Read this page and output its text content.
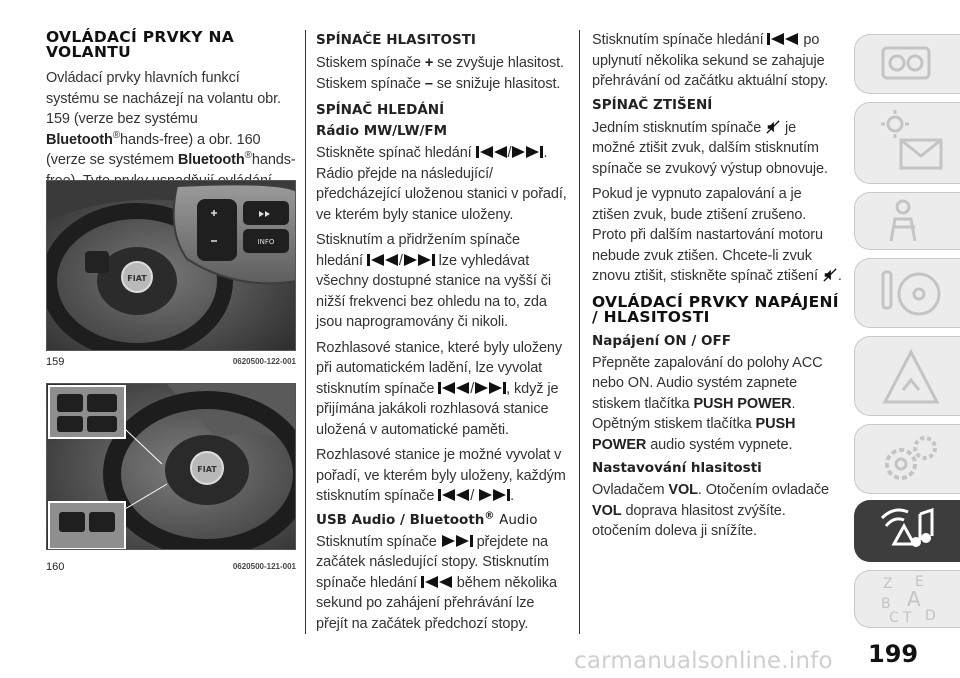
OVLÁDACÍ PRVKY NA VOLANTU

Ovládací prvky hlavních funkcí systému se nacházejí na volantu obr. 159 (verze bez systému Bluetooth®hands-free) a obr. 160 (verze se systémem Bluetooth®hands-

FIAT
INFO
159	0620500-122-001
FIAT
160	0620500-121-001
SPÍNAČE HLASITOSTI

Stiskem spínače + se zvyšuje hlasitost.
Stiskem spínače – se snižuje hlasitost.

SPÍNAČ HLEDÁNÍ
Rádio MW/LW/FM

Stiskněte spínač hledání
/ . Rádio přejde na následující/ předcházející uloženou stanici v pořadí, ve kterém byly stanice uloženy.

Stisknutím a přidržením spínače hledání
/
lze vyhledávat všechny dostupné stanice na vyšší či nižší frekvenci bez ohledu na to, zda jsou naprogramovány či nikoli.

Rozhlasové stanice, které byly uloženy při automatickém ladění, lze vyvolat stisknutím spínače
/ , když je přijímána jakákoli rozhlasová stanice uložená v automatické paměti.

Rozhlasové stanice je možné vyvolat v pořadí, ve kterém byly uloženy, každým stisknutím spínače
/ .

USB Audio / Bluetooth® Audio

Stisknutím spínače
přejdete na začátek následující stopy. Stisknutím spínače hledání
během několika sekund po zahájení přehrávání lze přejít na začátek předchozí stopy.

Stisknutím spínače hledání
po uplynutí několika sekund se zahajuje přehrávání od začátku aktuální stopy.

SPÍNAČ ZTIŠENÍ

Jedním stisknutím spínače
je možné ztišit zvuk, dalším stisknutím spínače se zvukový výstup obnovuje.

Pokud je vypnuto zapalování a je ztišen zvuk, bude ztišení zrušeno. Proto při dalším nastartování motoru nebude zvuk ztišen. Chcete-li zvuk znovu ztišit, stiskněte spínač ztišení
.

OVLÁDACÍ PRVKY NAPÁJENÍ / HLASITOSTI
Napájení ON / OFF

Přepněte zapalování do polohy ACC nebo ON. Audio systém zapnete stiskem tlačítka PUSH POWER. Opětným stiskem tlačítka PUSH POWER audio systém vypnete.

Nastavování hlasitosti

Ovladačem VOL. Otočením ovladače VOL doprava hlasitost zvýšíte. otočením doleva ji snížíte.

Z E
B A
C T D
199
carmanualsonline.info
